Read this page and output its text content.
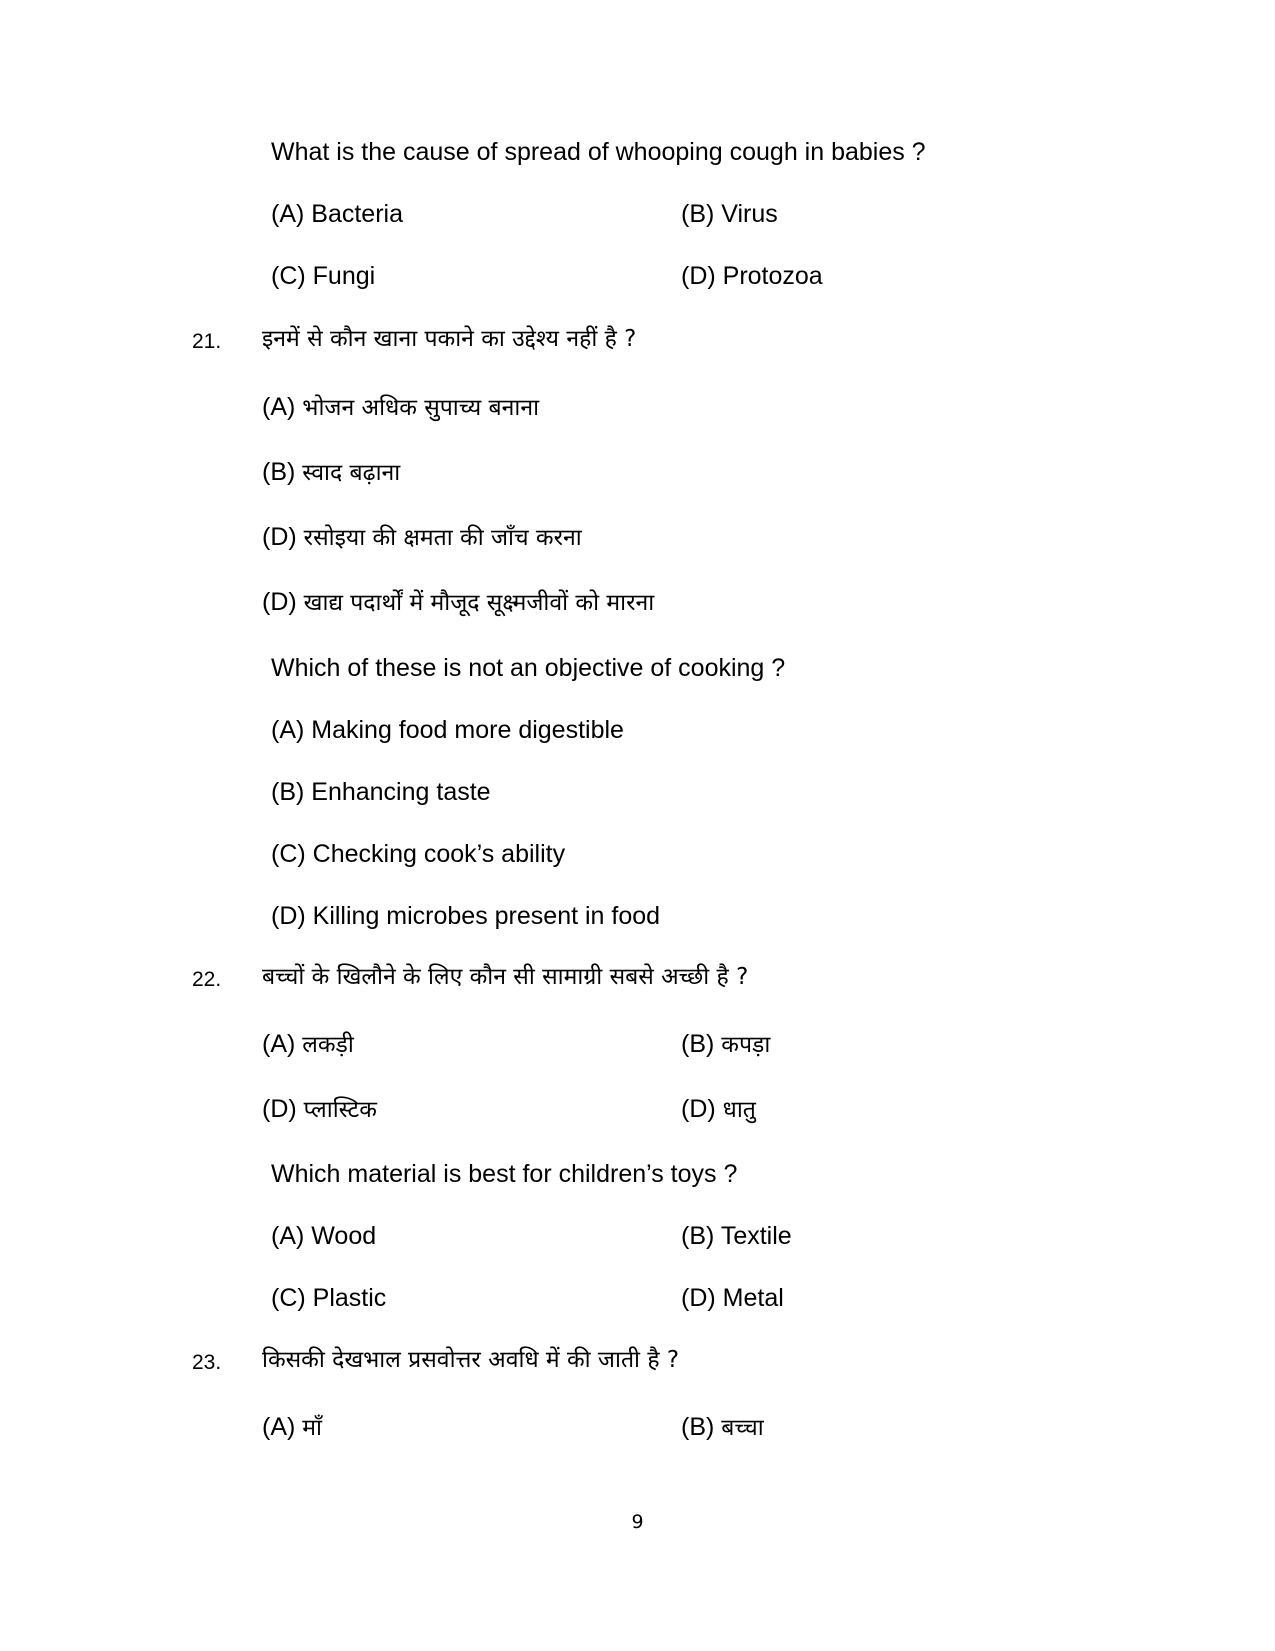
What is the cause of spread of whooping cough in babies ?
(A) Bacteria	(B) Virus
(C) Fungi	(D) Protozoa
21. इनमें से कौन खाना पकाने का उद्देश्य नहीं है ?
(A) भोजन अधिक सुपाच्य बनाना
(B) स्वाद बढ़ाना
(D) रसोइया की क्षमता की जाँच करना
(D) खाद्य पदार्थों में मौजूद सूक्ष्मजीवों को मारना
Which of these is not an objective of cooking ?
(A) Making food more digestible
(B) Enhancing taste
(C) Checking cook’s ability
(D) Killing microbes present in food
22. बच्चों के खिलौने के लिए कौन सी सामाग्री सबसे अच्छी है ?
(A) लकड़ी	(B) कपड़ा
(D) प्लास्टिक	(D) धातु
Which material is best for children’s toys ?
(A) Wood	(B) Textile
(C) Plastic	(D) Metal
23. किसकी देखभाल प्रसवोत्तर अवधि में की जाती है ?
(A) माँ	(B) बच्चा
9
